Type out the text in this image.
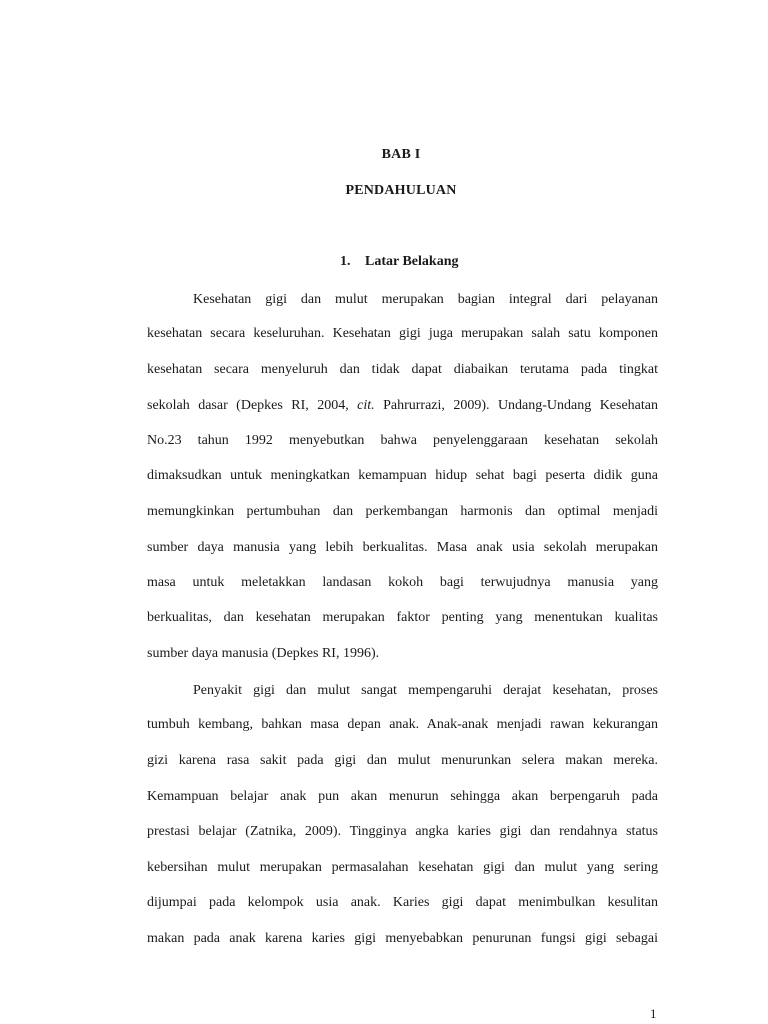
BAB I
PENDAHULUAN
1. Latar Belakang
Kesehatan gigi dan mulut merupakan bagian integral dari pelayanan
kesehatan secara keseluruhan. Kesehatan gigi juga merupakan salah satu komponen
kesehatan secara menyeluruh dan tidak dapat diabaikan terutama pada tingkat
sekolah dasar (Depkes RI, 2004, cit. Pahrurrazi, 2009). Undang-Undang Kesehatan
No.23 tahun 1992 menyebutkan bahwa penyelenggaraan kesehatan sekolah
dimaksudkan untuk meningkatkan kemampuan hidup sehat bagi peserta didik guna
memungkinkan pertumbuhan dan perkembangan harmonis dan optimal menjadi
sumber daya manusia yang lebih berkualitas. Masa anak usia sekolah merupakan
masa untuk meletakkan landasan kokoh bagi terwujudnya manusia yang
berkualitas, dan kesehatan merupakan faktor penting yang menentukan kualitas
sumber daya manusia (Depkes RI, 1996).
Penyakit gigi dan mulut sangat mempengaruhi derajat kesehatan, proses
tumbuh kembang, bahkan masa depan anak. Anak-anak menjadi rawan kekurangan
gizi karena rasa sakit pada gigi dan mulut menurunkan selera makan mereka.
Kemampuan belajar anak pun akan menurun sehingga akan berpengaruh pada
prestasi belajar (Zatnika, 2009). Tingginya angka karies gigi dan rendahnya status
kebersihan mulut merupakan permasalahan kesehatan gigi dan mulut yang sering
dijumpai pada kelompok usia anak. Karies gigi dapat menimbulkan kesulitan
makan pada anak karena karies gigi menyebabkan penurunan fungsi gigi sebagai
1
